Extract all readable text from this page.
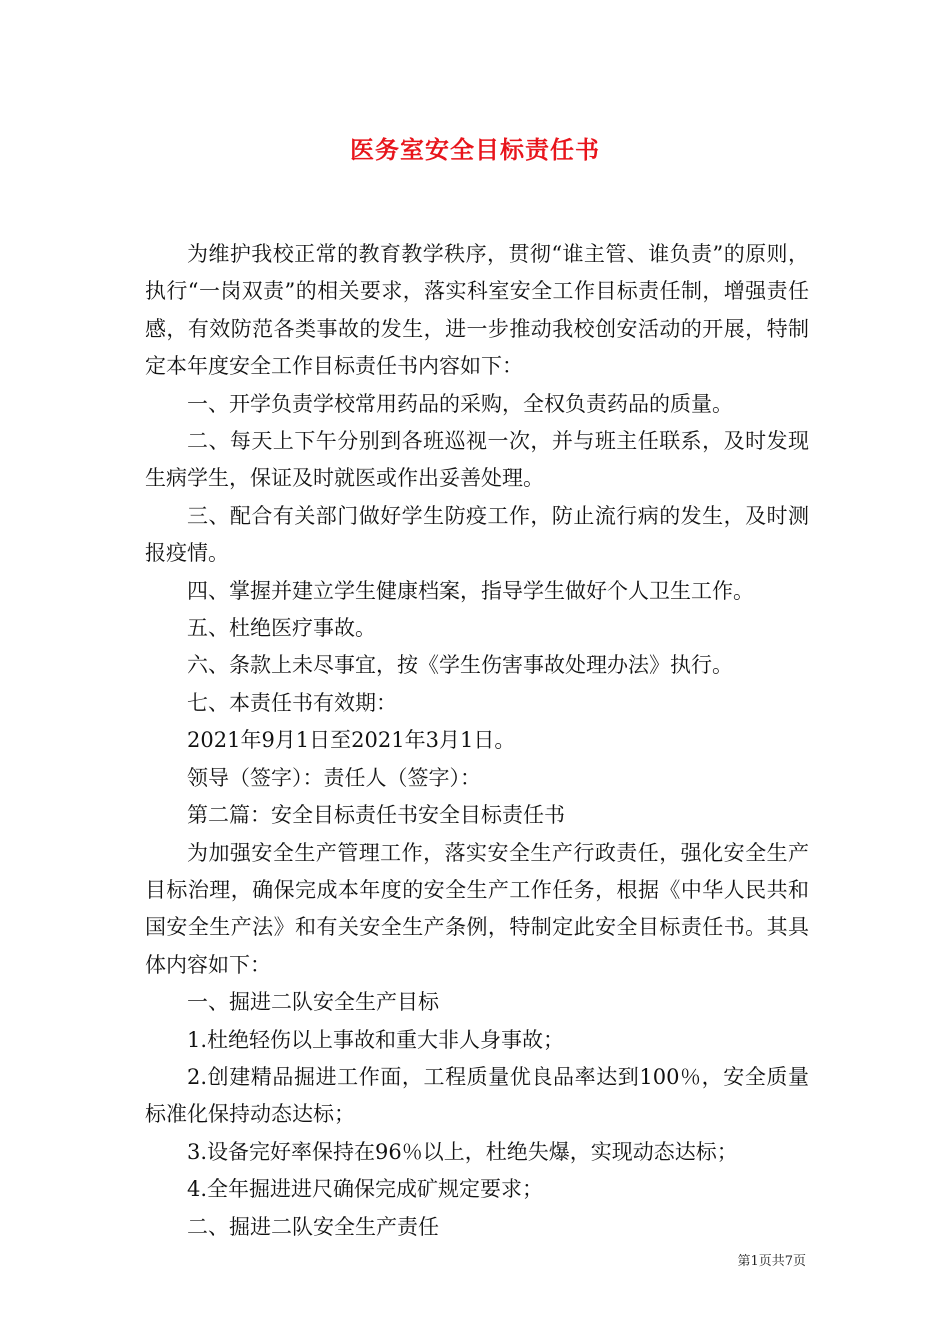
医务室安全目标责任书

为维护我校正常的教育教学秩序，贯彻“谁主管、谁负责”的原则，执行“一岗双责”的相关要求，落实科室安全工作目标责任制，增强责任感，有效防范各类事故的发生，进一步推动我校创安活动的开展，特制定本年度安全工作目标责任书内容如下：

一、开学负责学校常用药品的采购，全权负责药品的质量。

二、每天上下午分别到各班巡视一次，并与班主任联系，及时发现生病学生，保证及时就医或作出妥善处理。

三、配合有关部门做好学生防疫工作，防止流行病的发生，及时测报疫情。

四、掌握并建立学生健康档案，指导学生做好个人卫生工作。

五、杜绝医疗事故。

六、条款上未尽事宜，按《学生伤害事故处理办法》执行。

七、本责任书有效期：

2021年9月1日至2021年3月1日。

领导（签字）：责任人（签字）：

第二篇：安全目标责任书安全目标责任书

为加强安全生产管理工作，落实安全生产行政责任，强化安全生产目标治理，确保完成本年度的安全生产工作任务，根据《中华人民共和国安全生产法》和有关安全生产条例，特制定此安全目标责任书。其具体内容如下：

一、掘进二队安全生产目标

1.杜绝轻伤以上事故和重大非人身事故；

2.创建精品掘进工作面，工程质量优良品率达到100％，安全质量标准化保持动态达标；

3.设备完好率保持在96％以上，杜绝失爆，实现动态达标；

4.全年掘进进尺确保完成矿规定要求；

二、掘进二队安全生产责任

第1页共7页
